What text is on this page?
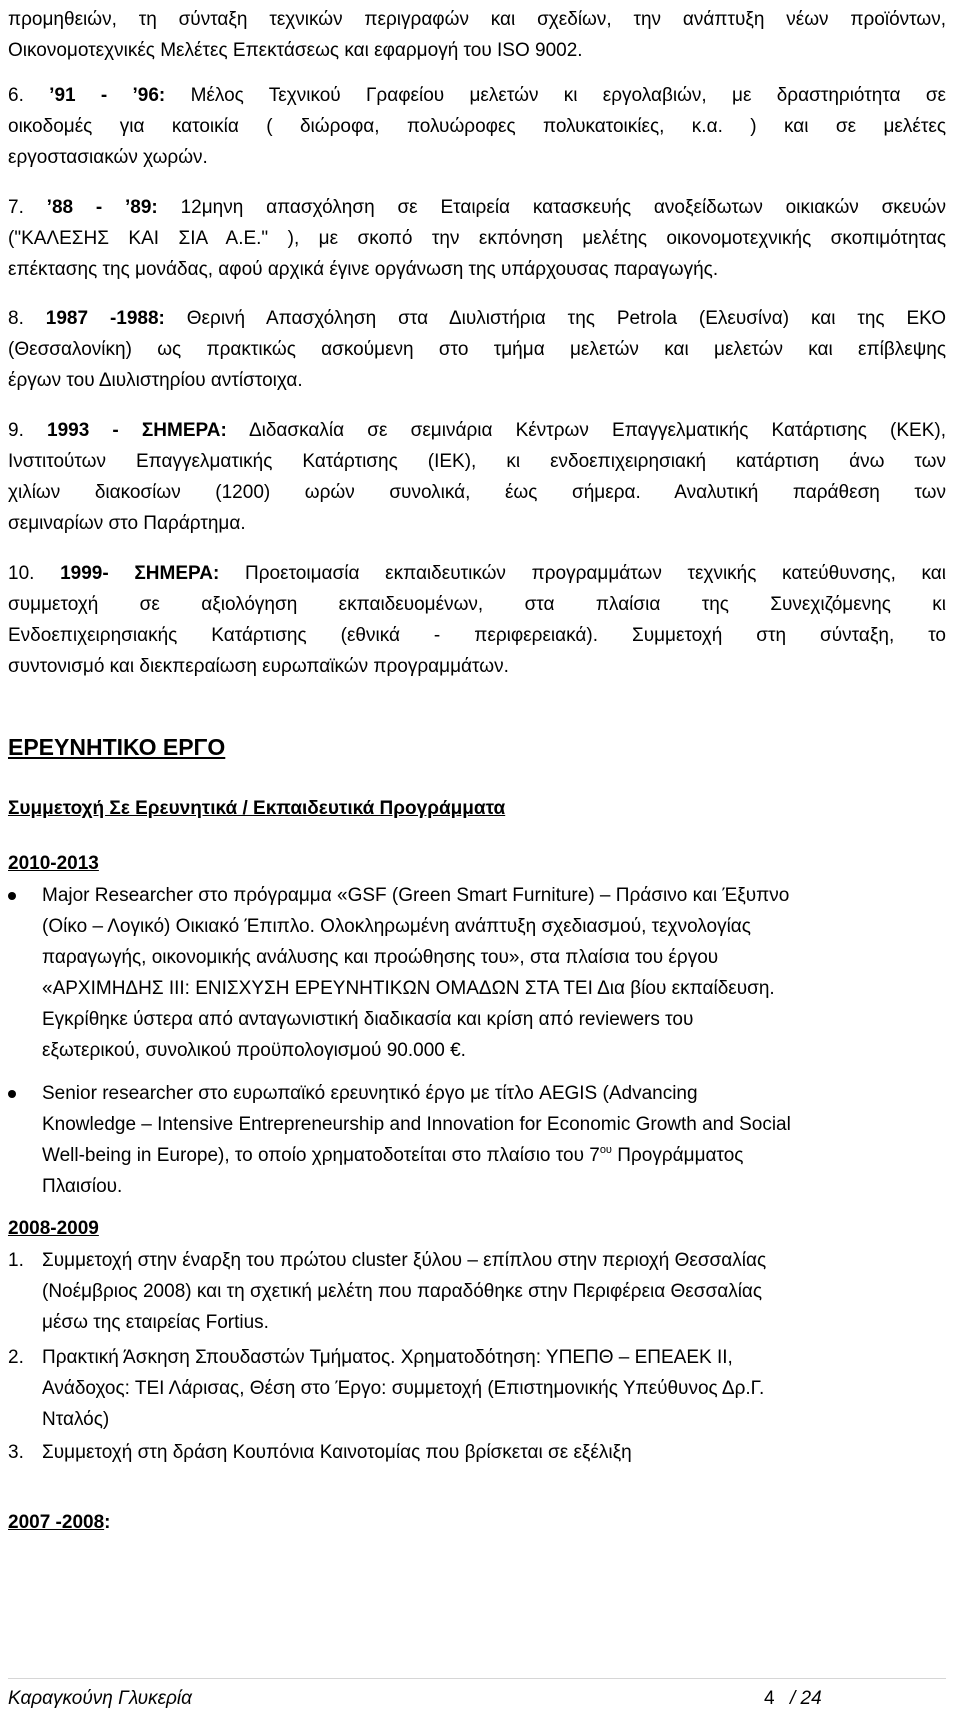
προμηθειών, τη σύνταξη τεχνικών περιγραφών και σχεδίων, την ανάπτυξη νέων προϊόντων,

Οικονομοτεχνικές Μελέτες Επεκτάσεως και εφαρμογή του ISO 9002.

6. ’91 - ’96: Μέλος Τεχνικού Γραφείου μελετών κι εργολαβιών, με δραστηριότητα σε

οικοδομές για κατοικία ( διώροφα, πολυώροφες πολυκατοικίες, κ.α. ) και σε μελέτες

εργοστασιακών χωρών.

7. ’88 - ’89: 12μηνη απασχόληση σε Εταιρεία κατασκευής ανοξείδωτων οικιακών σκευών

("ΚΑΛΕΣΗΣ ΚΑΙ ΣΙΑ Α.Ε." ), με σκοπό την εκπόνηση μελέτης οικονομοτεχνικής σκοπιμότητας

επέκτασης της μονάδας, αφού αρχικά έγινε οργάνωση της υπάρχουσας παραγωγής.

8. 1987 -1988: Θερινή Απασχόληση στα Διυλιστήρια της Petrola (Ελευσίνα) και της ΕΚΟ

(Θεσσαλονίκη) ως πρακτικώς ασκούμενη στο τμήμα μελετών και μελετών και επίβλεψης

έργων του Διυλιστηρίου αντίστοιχα.

9. 1993 - ΣΗΜΕΡΑ: Διδασκαλία σε σεμινάρια Κέντρων Επαγγελματικής Κατάρτισης (ΚΕΚ),

Ινστιτούτων Επαγγελματικής Κατάρτισης (ΙΕΚ), κι ενδοεπιχειρησιακή κατάρτιση άνω των

χιλίων διακοσίων (1200) ωρών συνολικά, έως σήμερα. Αναλυτική παράθεση των

σεμιναρίων στο Παράρτημα.

10. 1999- ΣΗΜΕΡΑ: Προετοιμασία εκπαιδευτικών προγραμμάτων τεχνικής κατεύθυνσης, και

συμμετοχή σε αξιολόγηση εκπαιδευομένων, στα πλαίσια της Συνεχιζόμενης κι

Ενδοεπιχειρησιακής Κατάρτισης (εθνικά - περιφερειακά). Συμμετοχή στη σύνταξη, το

συντονισμό και διεκπεραίωση ευρωπαϊκών προγραμμάτων.

ΕΡΕΥΝΗΤΙΚΟ ΕΡΓΟ

Συμμετοχή Σε Ερευνητικά / Εκπαιδευτικά Προγράμματα

2010-2013

Major Researcher στο πρόγραμμα «GSF (Green Smart Furniture) – Πράσινο και Έξυπνο
(Οίκο – Λογικό) Οικιακό Έπιπλο. Ολοκληρωμένη ανάπτυξη σχεδιασμού, τεχνολογίας
παραγωγής, οικονομικής ανάλυσης και προώθησης του», στα πλαίσια του έργου
«ΑΡΧΙΜΗΔΗΣ ΙΙΙ: ΕΝΙΣΧΥΣΗ ΕΡΕΥΝΗΤΙΚΩΝ ΟΜΑΔΩΝ ΣΤΑ ΤΕΙ Δια βίου εκπαίδευση.
Εγκρίθηκε ύστερα από ανταγωνιστική διαδικασία και κρίση από reviewers του
εξωτερικού, συνολικού προϋπολογισμού 90.000 €.
Senior researcher στο ευρωπαϊκό ερευνητικό έργο με τίτλο AEGIS (Advancing
Knowledge – Intensive Entrepreneurship and Innovation for Economic Growth and Social
Well-being in Europe), το οποίο χρηματοδοτείται στο πλαίσιο του $7^{o\upsilon}$ Προγράμματος
Πλαισίου.

2008-2009

1. Συμμετοχή στην έναρξη του πρώτου cluster ξύλου – επίπλου στην περιοχή Θεσσαλίας
(Νοέμβριος 2008) και τη σχετική μελέτη που παραδόθηκε στην Περιφέρεια Θεσσαλίας
μέσω της εταιρείας Fortius.
2. Πρακτική Άσκηση Σπουδαστών Τμήματος. Χρηματοδότηση: ΥΠΕΠΘ – ΕΠΕΑΕΚ ΙΙ,
Ανάδοχος: ΤΕΙ Λάρισας, Θέση στο Έργο: συμμετοχή (Επιστημονικής Υπεύθυνος Δρ.Γ.
Νταλός)
3. Συμμετοχή στη δράση Κουπόνια Καινοτομίας που βρίσκεται σε εξέλιξη

2007 -2008:

Καραγκούνη Γλυκερία	4 / 24
